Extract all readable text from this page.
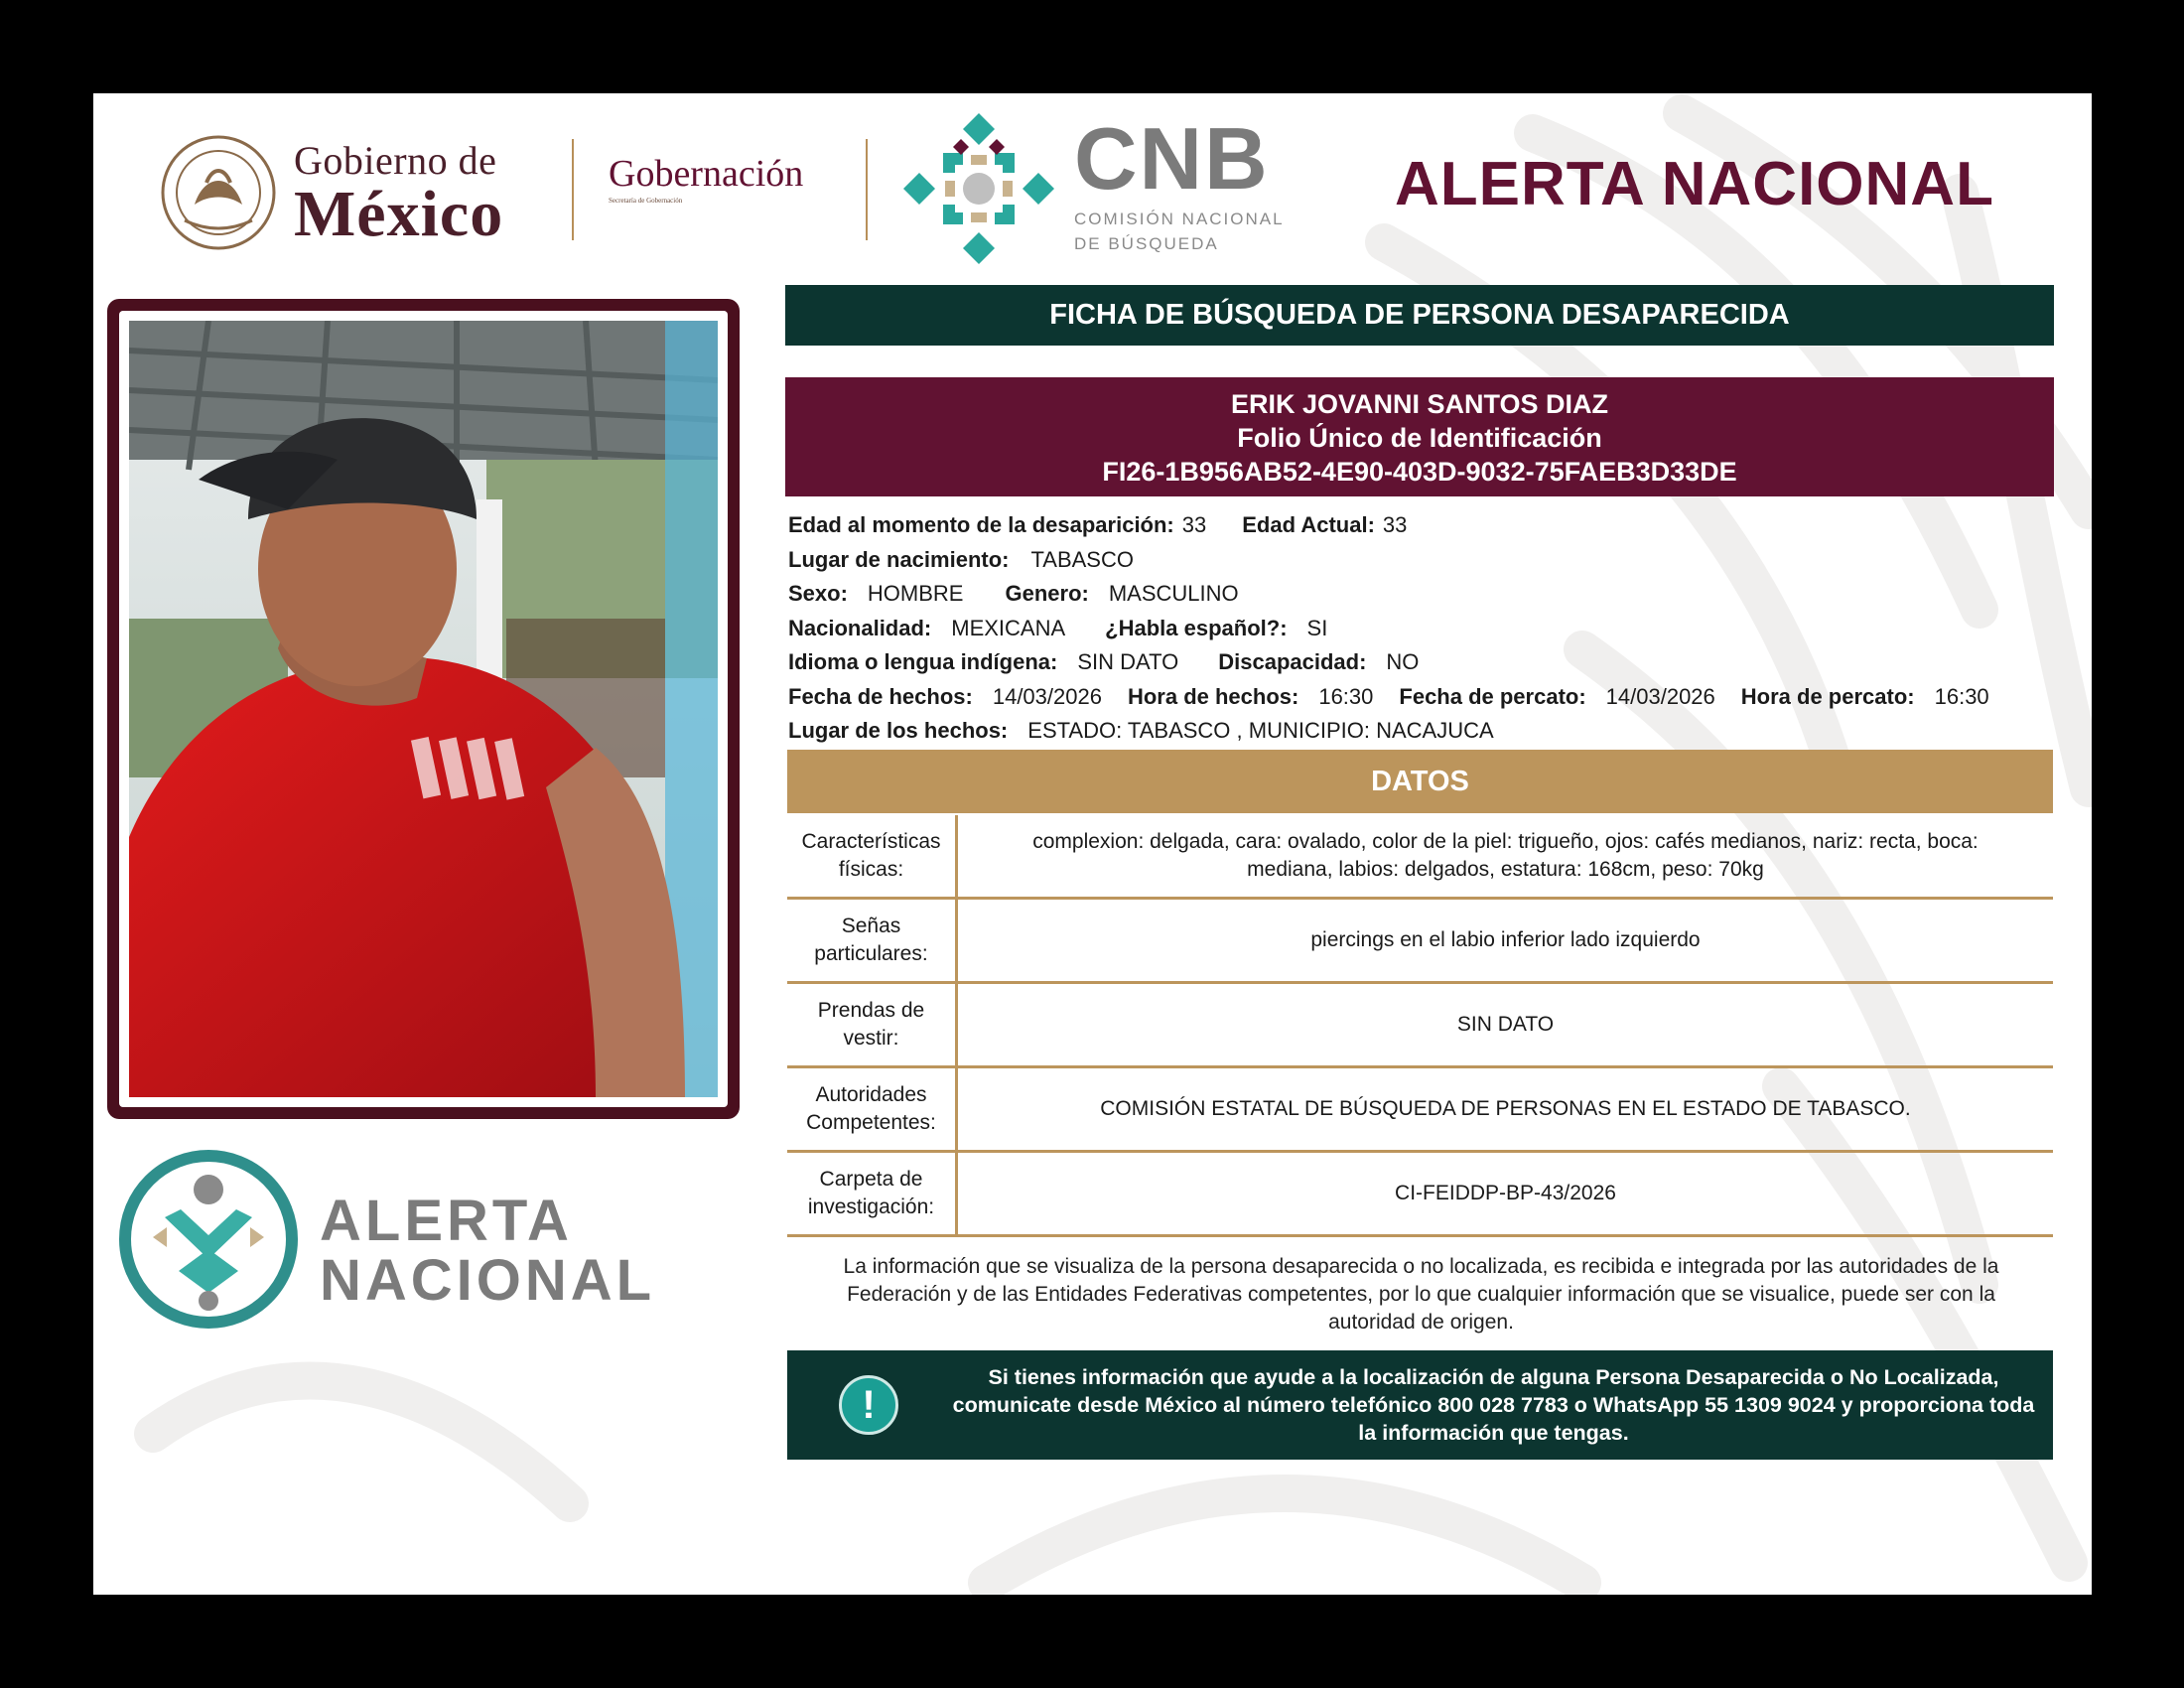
Gobierno de
México
Gobernación
Secretaría de Gobernación	CNB
COMISIÓN NACIONAL
DE BÚSQUEDA
ALERTA NACIONAL
ALERTA
NACIONAL
FICHA DE BÚSQUEDA DE PERSONA DESAPARECIDA
ERIK JOVANNI SANTOS DIAZ
Folio Único de Identificación
FI26-1B956AB52-4E90-403D-9032-75FAEB3D33DE
Edad al momento de la desaparición: 33 Edad Actual: 33
Lugar de nacimiento: TABASCO
Sexo: HOMBRE Genero: MASCULINO
Nacionalidad: MEXICANA ¿Habla español?: SI
Idioma o lengua indígena: SIN DATO Discapacidad: NO
Fecha de hechos: 14/03/2026 Hora de hechos: 16:30 Fecha de percato: 14/03/2026 Hora de percato: 16:30
Lugar de los hechos: ESTADO: TABASCO , MUNICIPIO: NACAJUCA
DATOS
Características físicas:
complexion: delgada, cara: ovalado, color de la piel: trigueño, ojos: cafés medianos, nariz: recta, boca: mediana, labios: delgados, estatura: 168cm, peso: 70kg
Señas particulares:
piercings en el labio inferior lado izquierdo
Prendas de vestir:
SIN DATO
Autoridades Competentes:
COMISIÓN ESTATAL DE BÚSQUEDA DE PERSONAS EN EL ESTADO DE TABASCO.
Carpeta de investigación:
CI-FEIDDP-BP-43/2026
La información que se visualiza de la persona desaparecida o no localizada, es recibida e integrada por las autoridades de la Federación y de las Entidades Federativas competentes, por lo que cualquier información que se visualice, puede ser con la autoridad de origen.
!
Si tienes información que ayude a la localización de alguna Persona Desaparecida o No Localizada, comunicate desde México al número telefónico 800 028 7783 o WhatsApp 55 1309 9024 y proporciona toda la información que tengas.
